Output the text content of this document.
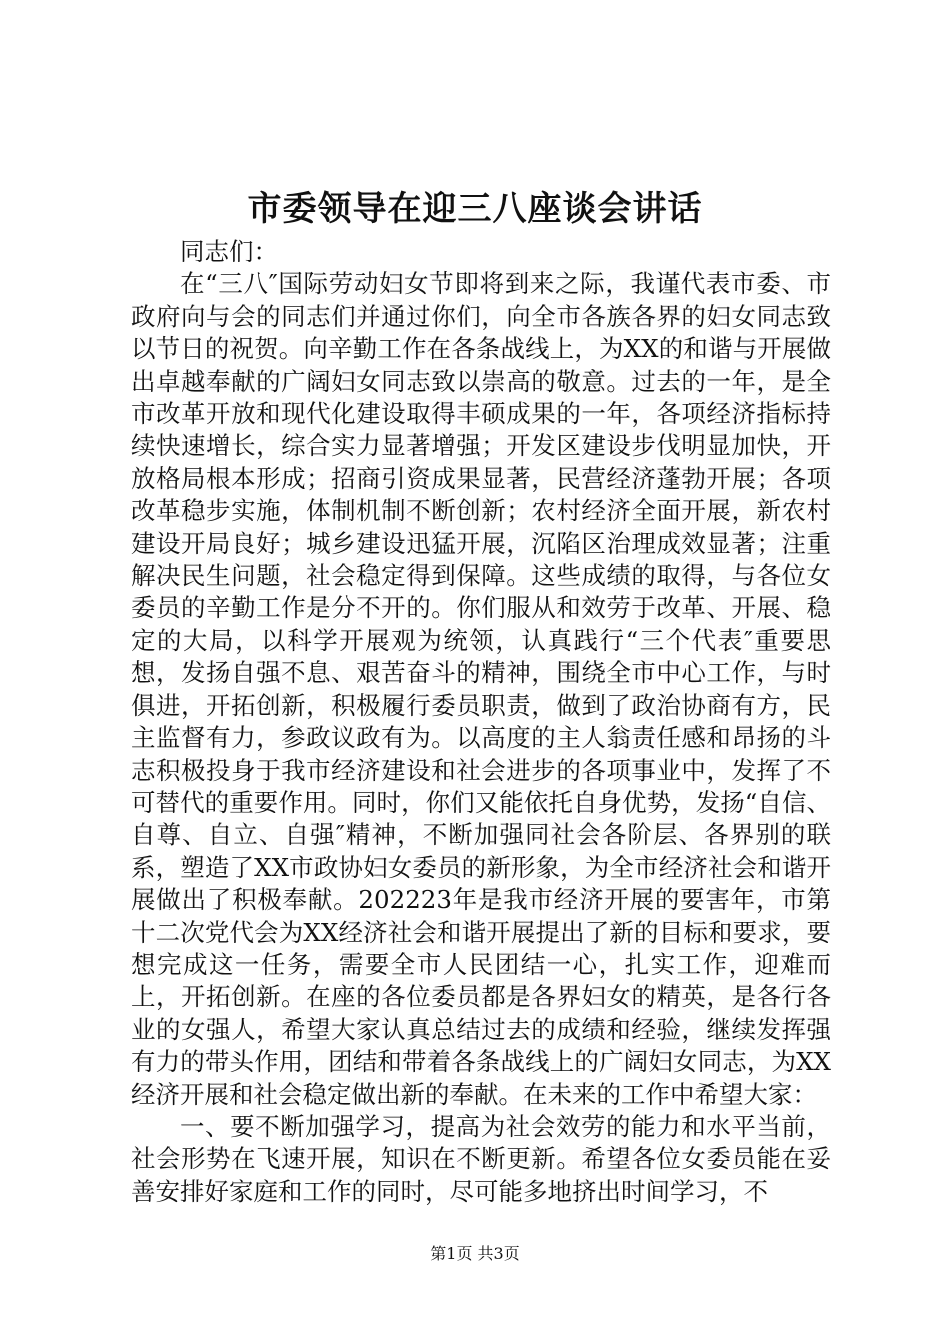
市委领导在迎三八座谈会讲话

同志们：

在“三八″国际劳动妇女节即将到来之际，我谨代表市委、市政府向与会的同志们并通过你们，向全市各族各界的妇女同志致以节日的祝贺。向辛勤工作在各条战线上，为XX的和谐与开展做出卓越奉献的广阔妇女同志致以崇高的敬意。过去的一年，是全市改革开放和现代化建设取得丰硕成果的一年，各项经济指标持续快速增长，综合实力显著增强；开发区建设步伐明显加快，开放格局根本形成；招商引资成果显著，民营经济蓬勃开展；各项改革稳步实施，体制机制不断创新；农村经济全面开展，新农村建设开局良好；城乡建设迅猛开展，沉陷区治理成效显著；注重解决民生问题，社会稳定得到保障。这些成绩的取得，与各位女委员的辛勤工作是分不开的。你们服从和效劳于改革、开展、稳定的大局，以科学开展观为统领，认真践行“三个代表″重要思想，发扬自强不息、艰苦奋斗的精神，围绕全市中心工作，与时俱进，开拓创新，积极履行委员职责，做到了政治协商有方，民主监督有力，参政议政有为。以高度的主人翁责任感和昂扬的斗志积极投身于我市经济建设和社会进步的各项事业中，发挥了不可替代的重要作用。同时，你们又能依托自身优势，发扬“自信、自尊、自立、自强″精神，不断加强同社会各阶层、各界别的联系，塑造了XX市政协妇女委员的新形象，为全市经济社会和谐开展做出了积极奉献。202223年是我市经济开展的要害年，市第十二次党代会为XX经济社会和谐开展提出了新的目标和要求，要想完成这一任务，需要全市人民团结一心，扎实工作，迎难而上，开拓创新。在座的各位委员都是各界妇女的精英，是各行各业的女强人，希望大家认真总结过去的成绩和经验，继续发挥强有力的带头作用，团结和带着各条战线上的广阔妇女同志，为XX经济开展和社会稳定做出新的奉献。在未来的工作中希望大家：

一、要不断加强学习，提高为社会效劳的能力和水平当前，社会形势在飞速开展，知识在不断更新。希望各位女委员能在妥善安排好家庭和工作的同时，尽可能多地挤出时间学习，不

第1页 共3页
